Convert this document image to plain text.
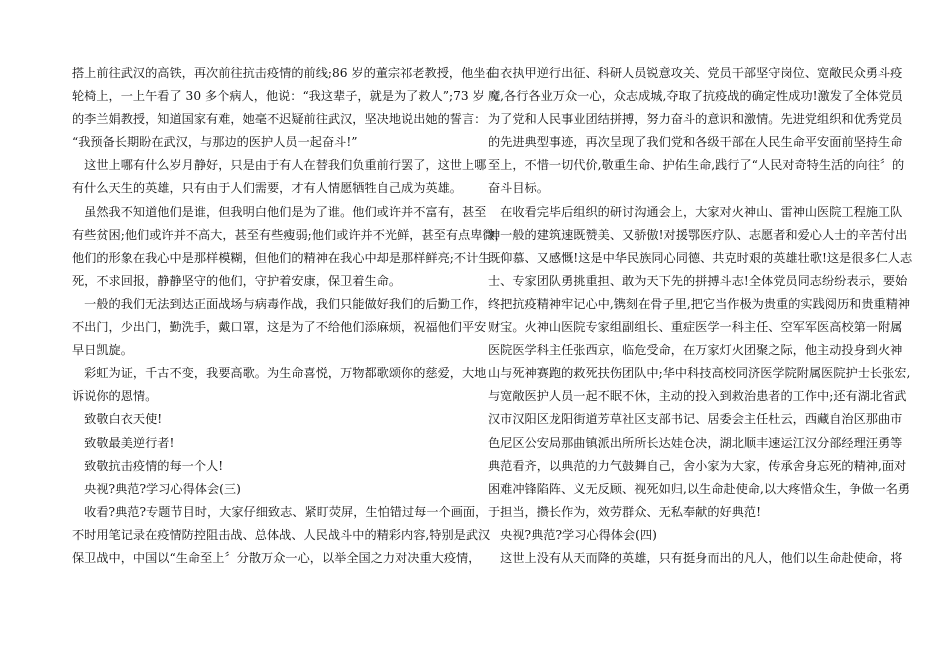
搭上前往武汉的高铁，再次前往抗击疫情的前线;86 岁的董宗祁老教授，他坐在
轮椅上，一上午看了 30 多个病人，他说：“我这辈子，就是为了救人”;73 岁
的李兰娟教授，知道国家有难，她毫不迟疑前往武汉，坚决地说出她的誓言：
“我预备长期盼在武汉，与那边的医护人员一起奋斗!”
　这世上哪有什么岁月静好，只是由于有人在替我们负重前行罢了，这世上哪
有什么天生的英雄，只有由于人们需要，才有人情愿牺牲自己成为英雄。
　虽然我不知道他们是谁，但我明白他们是为了谁。他们或许并不富有，甚至
有些贫困;他们或许并不高大，甚至有些瘦弱;他们或许并不光鲜，甚至有点卑微，
他们的形象在我心中是那样模糊，但他们的精神在我心中却是那样鲜亮;不计生
死，不求回报，静静坚守的他们，守护着安康，保卫着生命。
　一般的我们无法到达正面战场与病毒作战，我们只能做好我们的后勤工作，
不出门，少出门，勤洗手，戴口罩，这是为了不给他们添麻烦，祝福他们平安
早日凯旋。
　彩虹为证，千古不变，我要高歌。为生命喜悦，万物都歌颂你的慈爱，大地
诉说你的恩情。
　致敬白衣天使!
　致敬最美逆行者!
　致敬抗击疫情的每一个人!
　央视?典范?学习心得体会(三)
　收看?典范?专题节目时，大家仔细致志、紧盯荧屏，生怕错过每一个画面，
不时用笔记录在疫情防控阻击战、总体战、人民战斗中的精彩内容,特别是武汉
保卫战中，中国以“生命至上〞分散万众一心，以举全国之力对决重大疫情，
白衣执甲逆行出征、科研人员锐意攻关、党员干部坚守岗位、宽敞民众勇斗疫
魔,各行各业万众一心，众志成城,夺取了抗疫战的确定性成功!激发了全体党员
为了党和人民事业团结拼搏，努力奋斗的意识和激情。先进党组织和优秀党员
的先进典型事迹，再次呈现了我们党和各级干部在人民生命平安面前坚持生命
至上，不惜一切代价,敬重生命、护佑生命,践行了“人民对奇特生活的向往〞的
奋斗目标。
　在收看完毕后组织的研讨沟通会上，大家对火神山、雷神山医院工程施工队
神一般的建筑速既赞美、又骄傲!对援鄂医疗队、志愿者和爱心人士的辛苦付出
既仰慕、又感慨!这是中华民族同心同德、共克时艰的英雄壮歌!这是很多仁人志
士、专家团队勇挑重担、敢为天下先的拼搏斗志!全体党员同志纷纷表示，要始
终把抗疫精神牢记心中,镌刻在骨子里,把它当作极为贵重的实践阅历和贵重精神
财宝。火神山医院专家组副组长、重症医学一科主任、空军军医高校第一附属
医院医学科主任张西京，临危受命，在万家灯火团聚之际，他主动投身到火神
山与死神赛跑的救死扶伤团队中;华中科技高校同济医学院附属医院护士长张宏,
与宽敞医护人员一起不眠不休，主动的投入到救治患者的工作中;还有湖北省武
汉市汉阳区龙阳街道芳草社区支部书记、居委会主任杜云，西藏自治区那曲市
色尼区公安局那曲镇派出所所长达娃仓决，湖北顺丰速运江汉分部经理汪勇等
典范看齐，以典范的力气鼓舞自己，舍小家为大家，传承舍身忘死的精神,面对
困难冲锋陷阵、义无反顾、视死如归,以生命赴使命,以大疼惜众生，争做一名勇
于担当，攒长作为，效劳群众、无私奉献的好典范!
　央视?典范?学习心得体会(四)
　这世上没有从天而降的英雄，只有挺身而出的凡人，他们以生命赴使命，将
